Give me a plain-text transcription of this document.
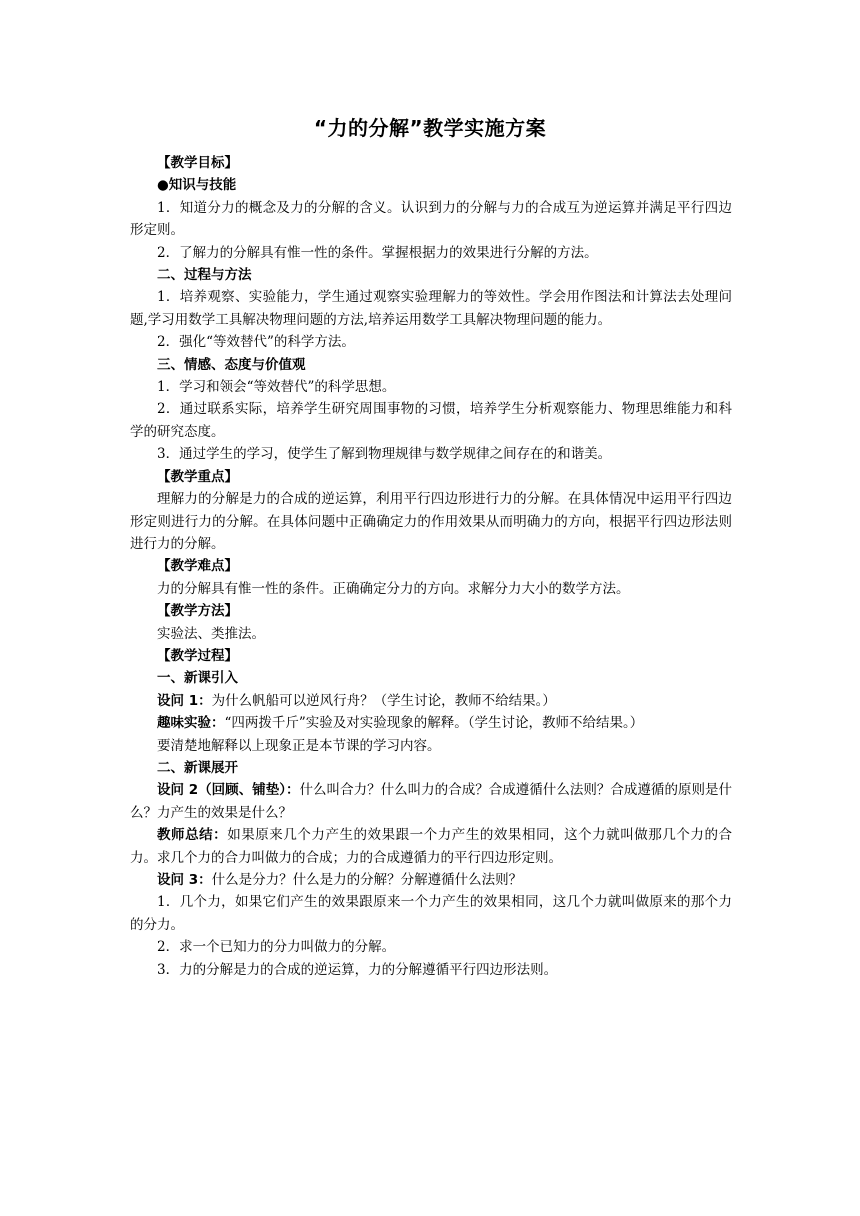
“力的分解”教学实施方案

【教学目标】

●知识与技能

1．知道分力的概念及力的分解的含义。认识到力的分解与力的合成互为逆运算并满足平行四边形定则。

2．了解力的分解具有惟一性的条件。掌握根据力的效果进行分解的方法。

二、过程与方法

1．培养观察、实验能力，学生通过观察实验理解力的等效性。学会用作图法和计算法去处理问题,学习用数学工具解决物理问题的方法,培养运用数学工具解决物理问题的能力。

2．强化“等效替代”的科学方法。

三、情感、态度与价值观

1．学习和领会“等效替代”的科学思想。

2．通过联系实际，培养学生研究周围事物的习惯，培养学生分析观察能力、物理思维能力和科学的研究态度。

3．通过学生的学习，使学生了解到物理规律与数学规律之间存在的和谐美。

【教学重点】

理解力的分解是力的合成的逆运算，利用平行四边形进行力的分解。在具体情况中运用平行四边形定则进行力的分解。在具体问题中正确确定力的作用效果从而明确力的方向，根据平行四边形法则进行力的分解。

【教学难点】

力的分解具有惟一性的条件。正确确定分力的方向。求解分力大小的数学方法。

【教学方法】

实验法、类推法。

【教学过程】

一、新课引入

设问 1：为什么帆船可以逆风行舟？（学生讨论，教师不给结果。）

趣味实验：“四两拨千斤”实验及对实验现象的解释。（学生讨论，教师不给结果。）

要清楚地解释以上现象正是本节课的学习内容。

二、新课展开

设问 2（回顾、铺垫）：什么叫合力？什么叫力的合成？合成遵循什么法则？合成遵循的原则是什么？力产生的效果是什么？

教师总结：如果原来几个力产生的效果跟一个力产生的效果相同，这个力就叫做那几个力的合力。求几个力的合力叫做力的合成；力的合成遵循力的平行四边形定则。

设问 3：什么是分力？什么是力的分解？分解遵循什么法则？

1．几个力，如果它们产生的效果跟原来一个力产生的效果相同，这几个力就叫做原来的那个力的分力。

2．求一个已知力的分力叫做力的分解。

3．力的分解是力的合成的逆运算，力的分解遵循平行四边形法则。
